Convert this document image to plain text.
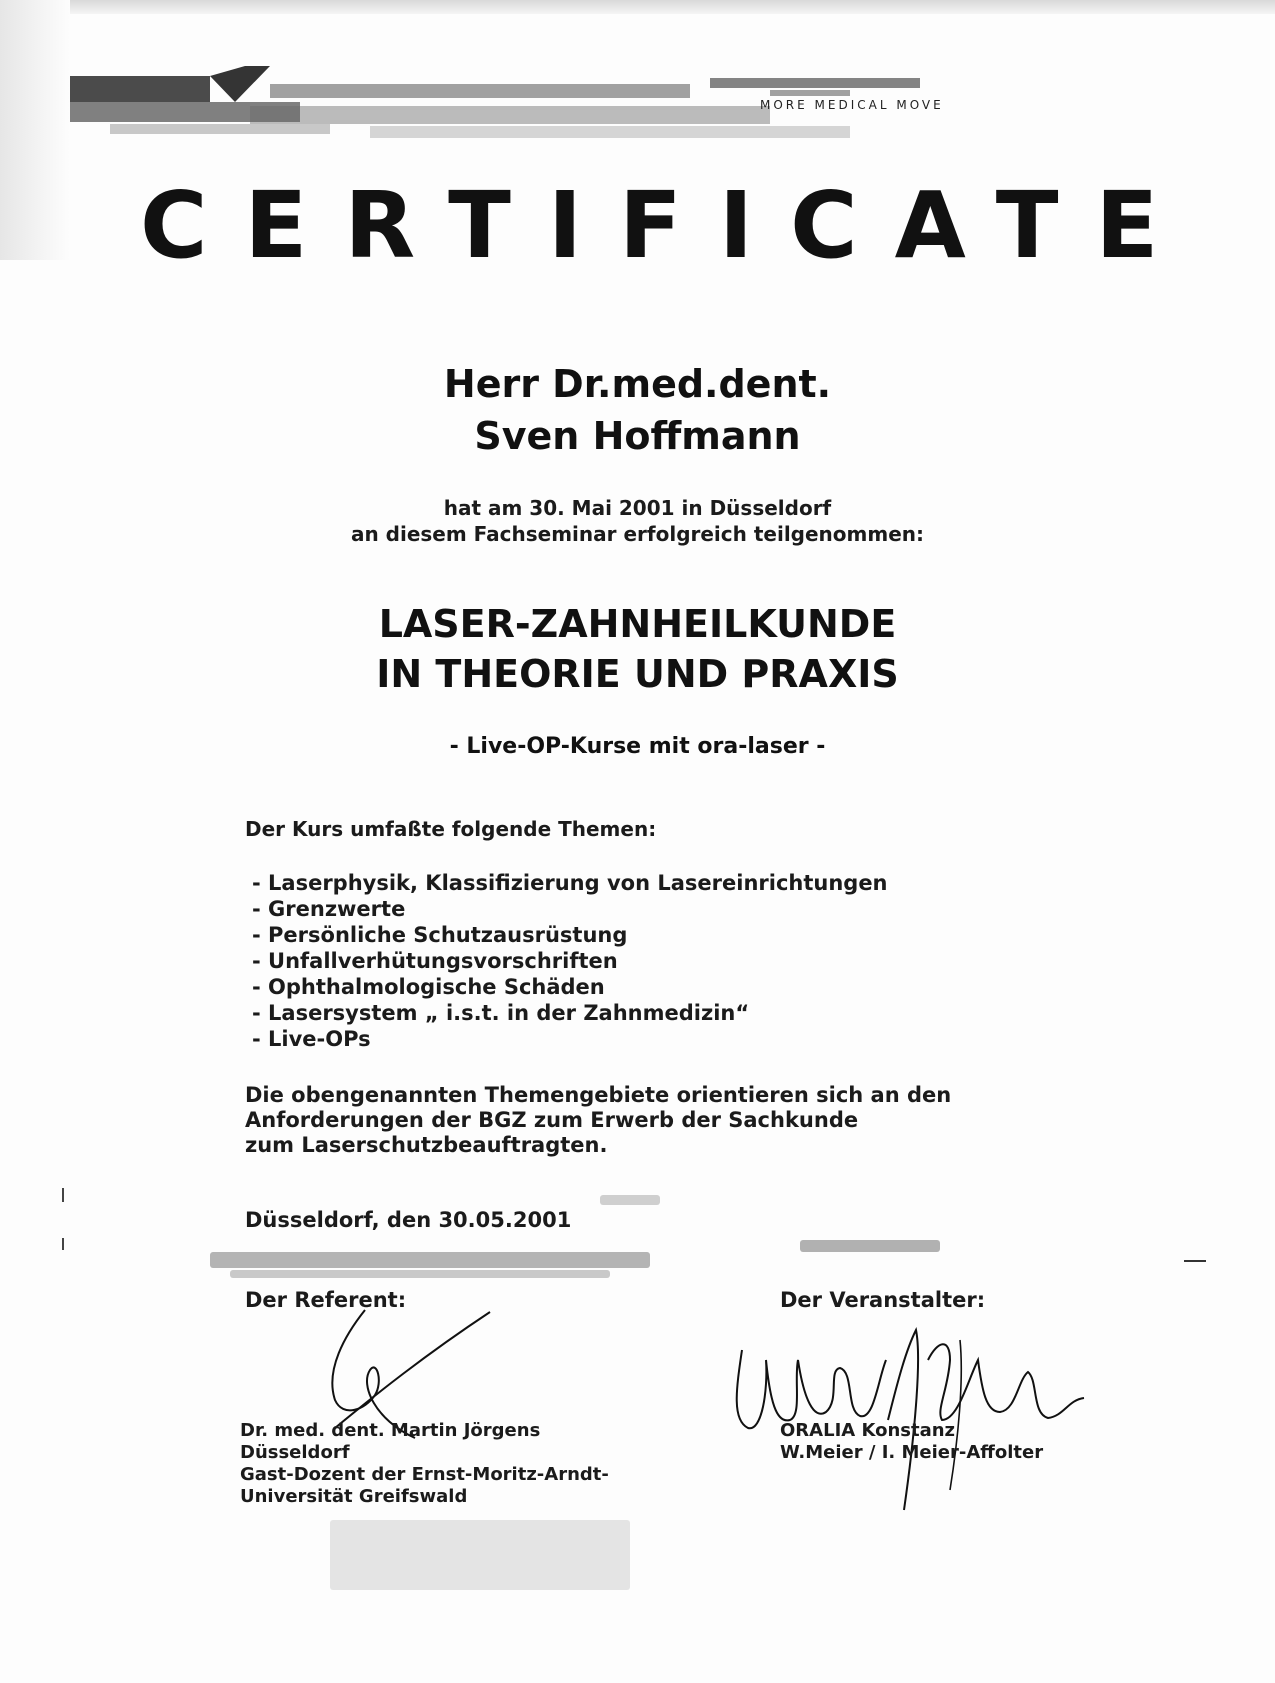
MORE MEDICAL MOVE
CERTIFICATE

Herr Dr.med.dent.

Sven Hoffmann

hat am 30. Mai 2001 in Düsseldorf

an diesem Fachseminar erfolgreich teilgenommen:

LASER-ZAHNHEILKUNDE

IN THEORIE UND PRAXIS

- Live-OP-Kurse mit ora-laser -

Der Kurs umfaßte folgende Themen:

- Laserphysik, Klassifizierung von Lasereinrichtungen
- Grenzwerte
- Persönliche Schutzausrüstung
- Unfallverhütungsvorschriften
- Ophthalmologische Schäden
- Lasersystem „ i.s.t. in der Zahnmedizin“
- Live-OPs

Die obengenannten Themengebiete orientieren sich an den
Anforderungen der BGZ zum Erwerb der Sachkunde
zum Laserschutzbeauftragten.

Düsseldorf, den 30.05.2001

Der Referent:	Der Veranstalter:

Dr. med. dent. Martin Jörgens
Düsseldorf
Gast-Dozent der Ernst-Moritz-Arndt-
Universität Greifswald

ORALIA Konstanz
W.Meier / I. Meier-Affolter
